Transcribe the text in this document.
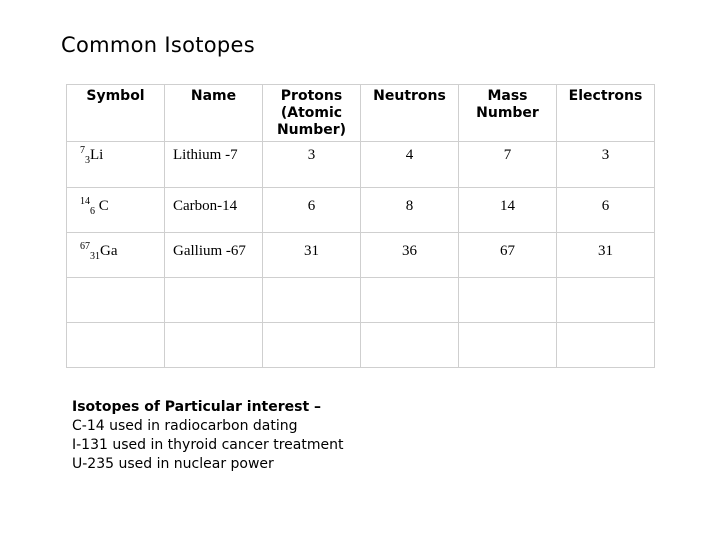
Common Isotopes
Symbol	Name	Protons (Atomic Number)	Neutrons	Mass Number	Electrons
$^7_3$Li	Lithium -7	3	4	7	3
$^{14}_6$ C	Carbon-14	6	8	14	6
$^{67}_{31}$Ga	Gallium -67	31	36	67	31

Isotopes of Particular interest –
C-14 used in radiocarbon dating
I-131 used in thyroid cancer treatment
U-235 used in nuclear power
